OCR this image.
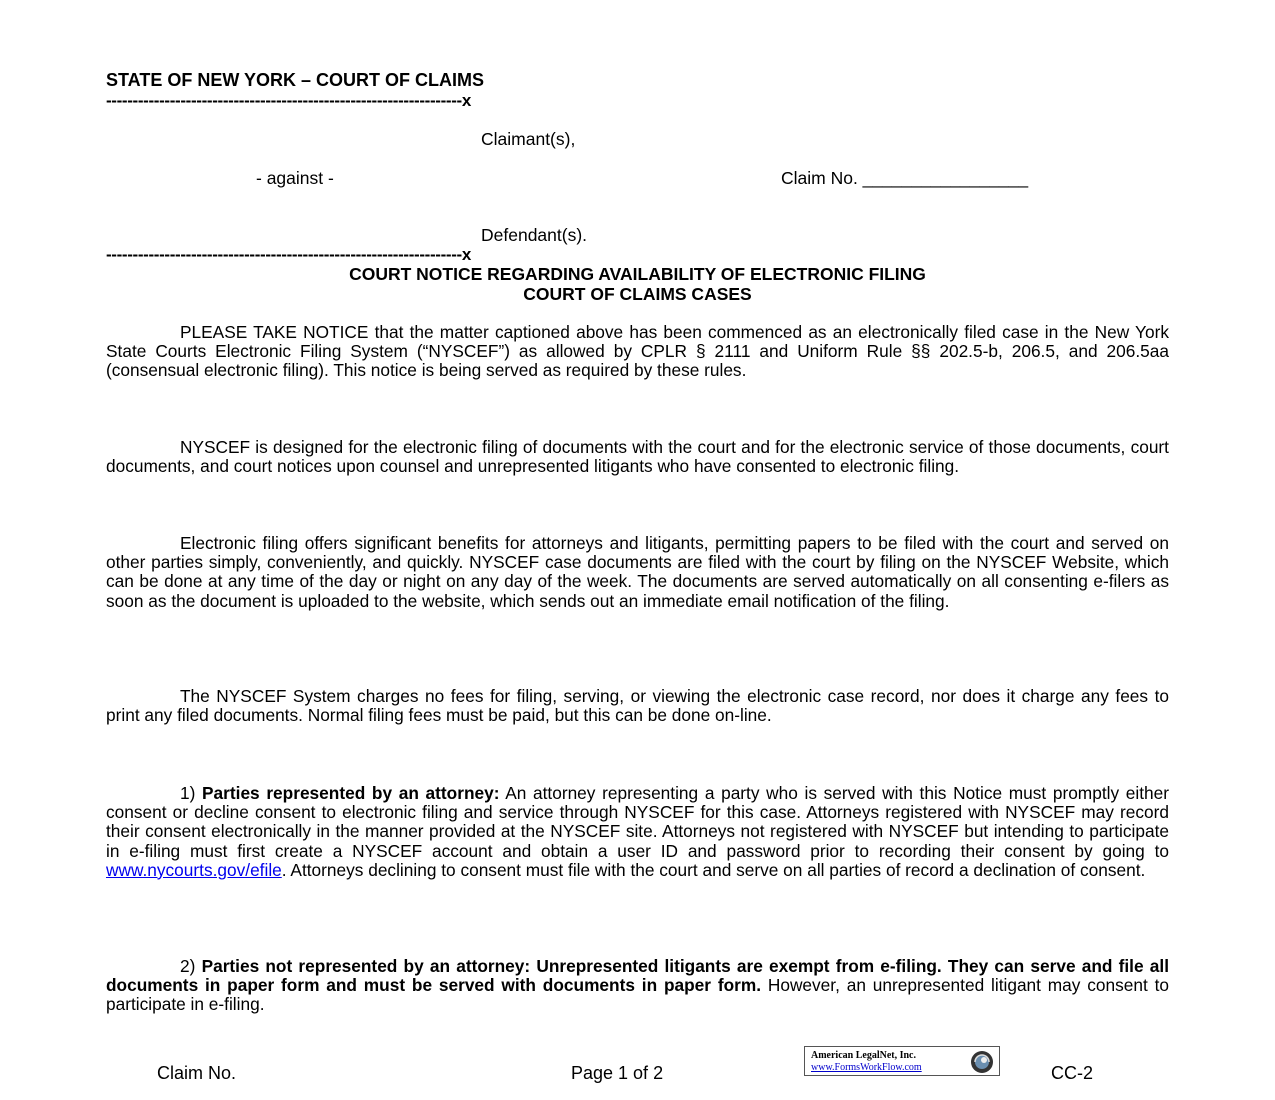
STATE OF NEW YORK – COURT OF CLAIMS
-------------------------------------------------------------------x
Claimant(s),
- against -	Claim No. _________________
Defendant(s).
-------------------------------------------------------------------x
COURT NOTICE REGARDING AVAILABILITY OF ELECTRONIC FILING
COURT OF CLAIMS CASES

PLEASE TAKE NOTICE that the matter captioned above has been commenced as an electronically filed case in the New York State Courts Electronic Filing System (“NYSCEF”) as allowed by CPLR § 2111 and Uniform Rule §§ 202.5-b, 206.5, and 206.5aa (consensual electronic filing). This notice is being served as required by these rules.

NYSCEF is designed for the electronic filing of documents with the court and for the electronic service of those documents, court documents, and court notices upon counsel and unrepresented litigants who have consented to electronic filing.

Electronic filing offers significant benefits for attorneys and litigants, permitting papers to be filed with the court and served on other parties simply, conveniently, and quickly. NYSCEF case documents are filed with the court by filing on the NYSCEF Website, which can be done at any time of the day or night on any day of the week. The documents are served automatically on all consenting e-filers as soon as the document is uploaded to the website, which sends out an immediate email notification of the filing.

The NYSCEF System charges no fees for filing, serving, or viewing the electronic case record, nor does it charge any fees to print any filed documents. Normal filing fees must be paid, but this can be done on-line.

1) Parties represented by an attorney: An attorney representing a party who is served with this Notice must promptly either consent or decline consent to electronic filing and service through NYSCEF for this case. Attorneys registered with NYSCEF may record their consent electronically in the manner provided at the NYSCEF site. Attorneys not registered with NYSCEF but intending to participate in e-filing must first create a NYSCEF account and obtain a user ID and password prior to recording their consent by going to www.nycourts.gov/efile. Attorneys declining to consent must file with the court and serve on all parties of record a declination of consent.

2) Parties not represented by an attorney: Unrepresented litigants are exempt from e-filing. They can serve and file all documents in paper form and must be served with documents in paper form. However, an unrepresented litigant may consent to participate in e-filing.

Claim No.	Page 1 of 2	CC-2
American LegalNet, Inc.
www.FormsWorkFlow.com
